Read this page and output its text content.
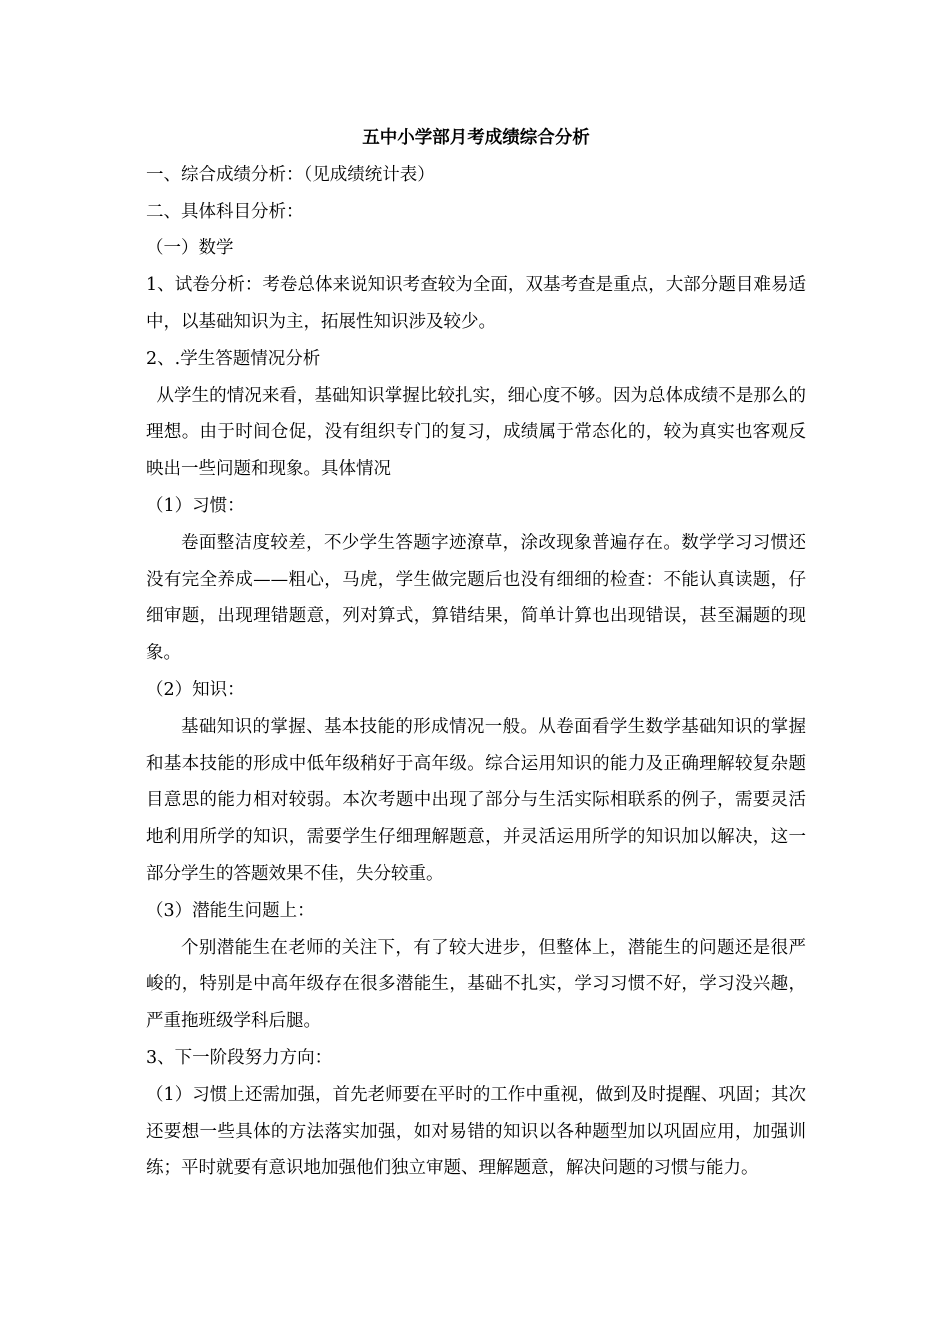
五中小学部月考成绩综合分析

一、综合成绩分析：（见成绩统计表）

二、具体科目分析：

（一）数学

1、试卷分析：考卷总体来说知识考查较为全面，双基考查是重点，大部分题目难易适中，以基础知识为主，拓展性知识涉及较少。

2、.学生答题情况分析

从学生的情况来看，基础知识掌握比较扎实，细心度不够。因为总体成绩不是那么的理想。由于时间仓促，没有组织专门的复习，成绩属于常态化的，较为真实也客观反映出一些问题和现象。具体情况

（1）习惯：

卷面整洁度较差，不少学生答题字迹潦草，涂改现象普遍存在。数学学习习惯还没有完全养成——粗心，马虎，学生做完题后也没有细细的检查：不能认真读题，仔细审题，出现理错题意，列对算式，算错结果，简单计算也出现错误，甚至漏题的现象。

（2）知识：

基础知识的掌握、基本技能的形成情况一般。从卷面看学生数学基础知识的掌握和基本技能的形成中低年级稍好于高年级。综合运用知识的能力及正确理解较复杂题目意思的能力相对较弱。本次考题中出现了部分与生活实际相联系的例子，需要灵活地利用所学的知识，需要学生仔细理解题意，并灵活运用所学的知识加以解决，这一部分学生的答题效果不佳，失分较重。

（3）潜能生问题上：

个别潜能生在老师的关注下，有了较大进步，但整体上，潜能生的问题还是很严峻的，特别是中高年级存在很多潜能生，基础不扎实，学习习惯不好，学习没兴趣，严重拖班级学科后腿。

3、下一阶段努力方向：

（1）习惯上还需加强，首先老师要在平时的工作中重视，做到及时提醒、巩固；其次还要想一些具体的方法落实加强，如对易错的知识以各种题型加以巩固应用，加强训练；平时就要有意识地加强他们独立审题、理解题意，解决问题的习惯与能力。
